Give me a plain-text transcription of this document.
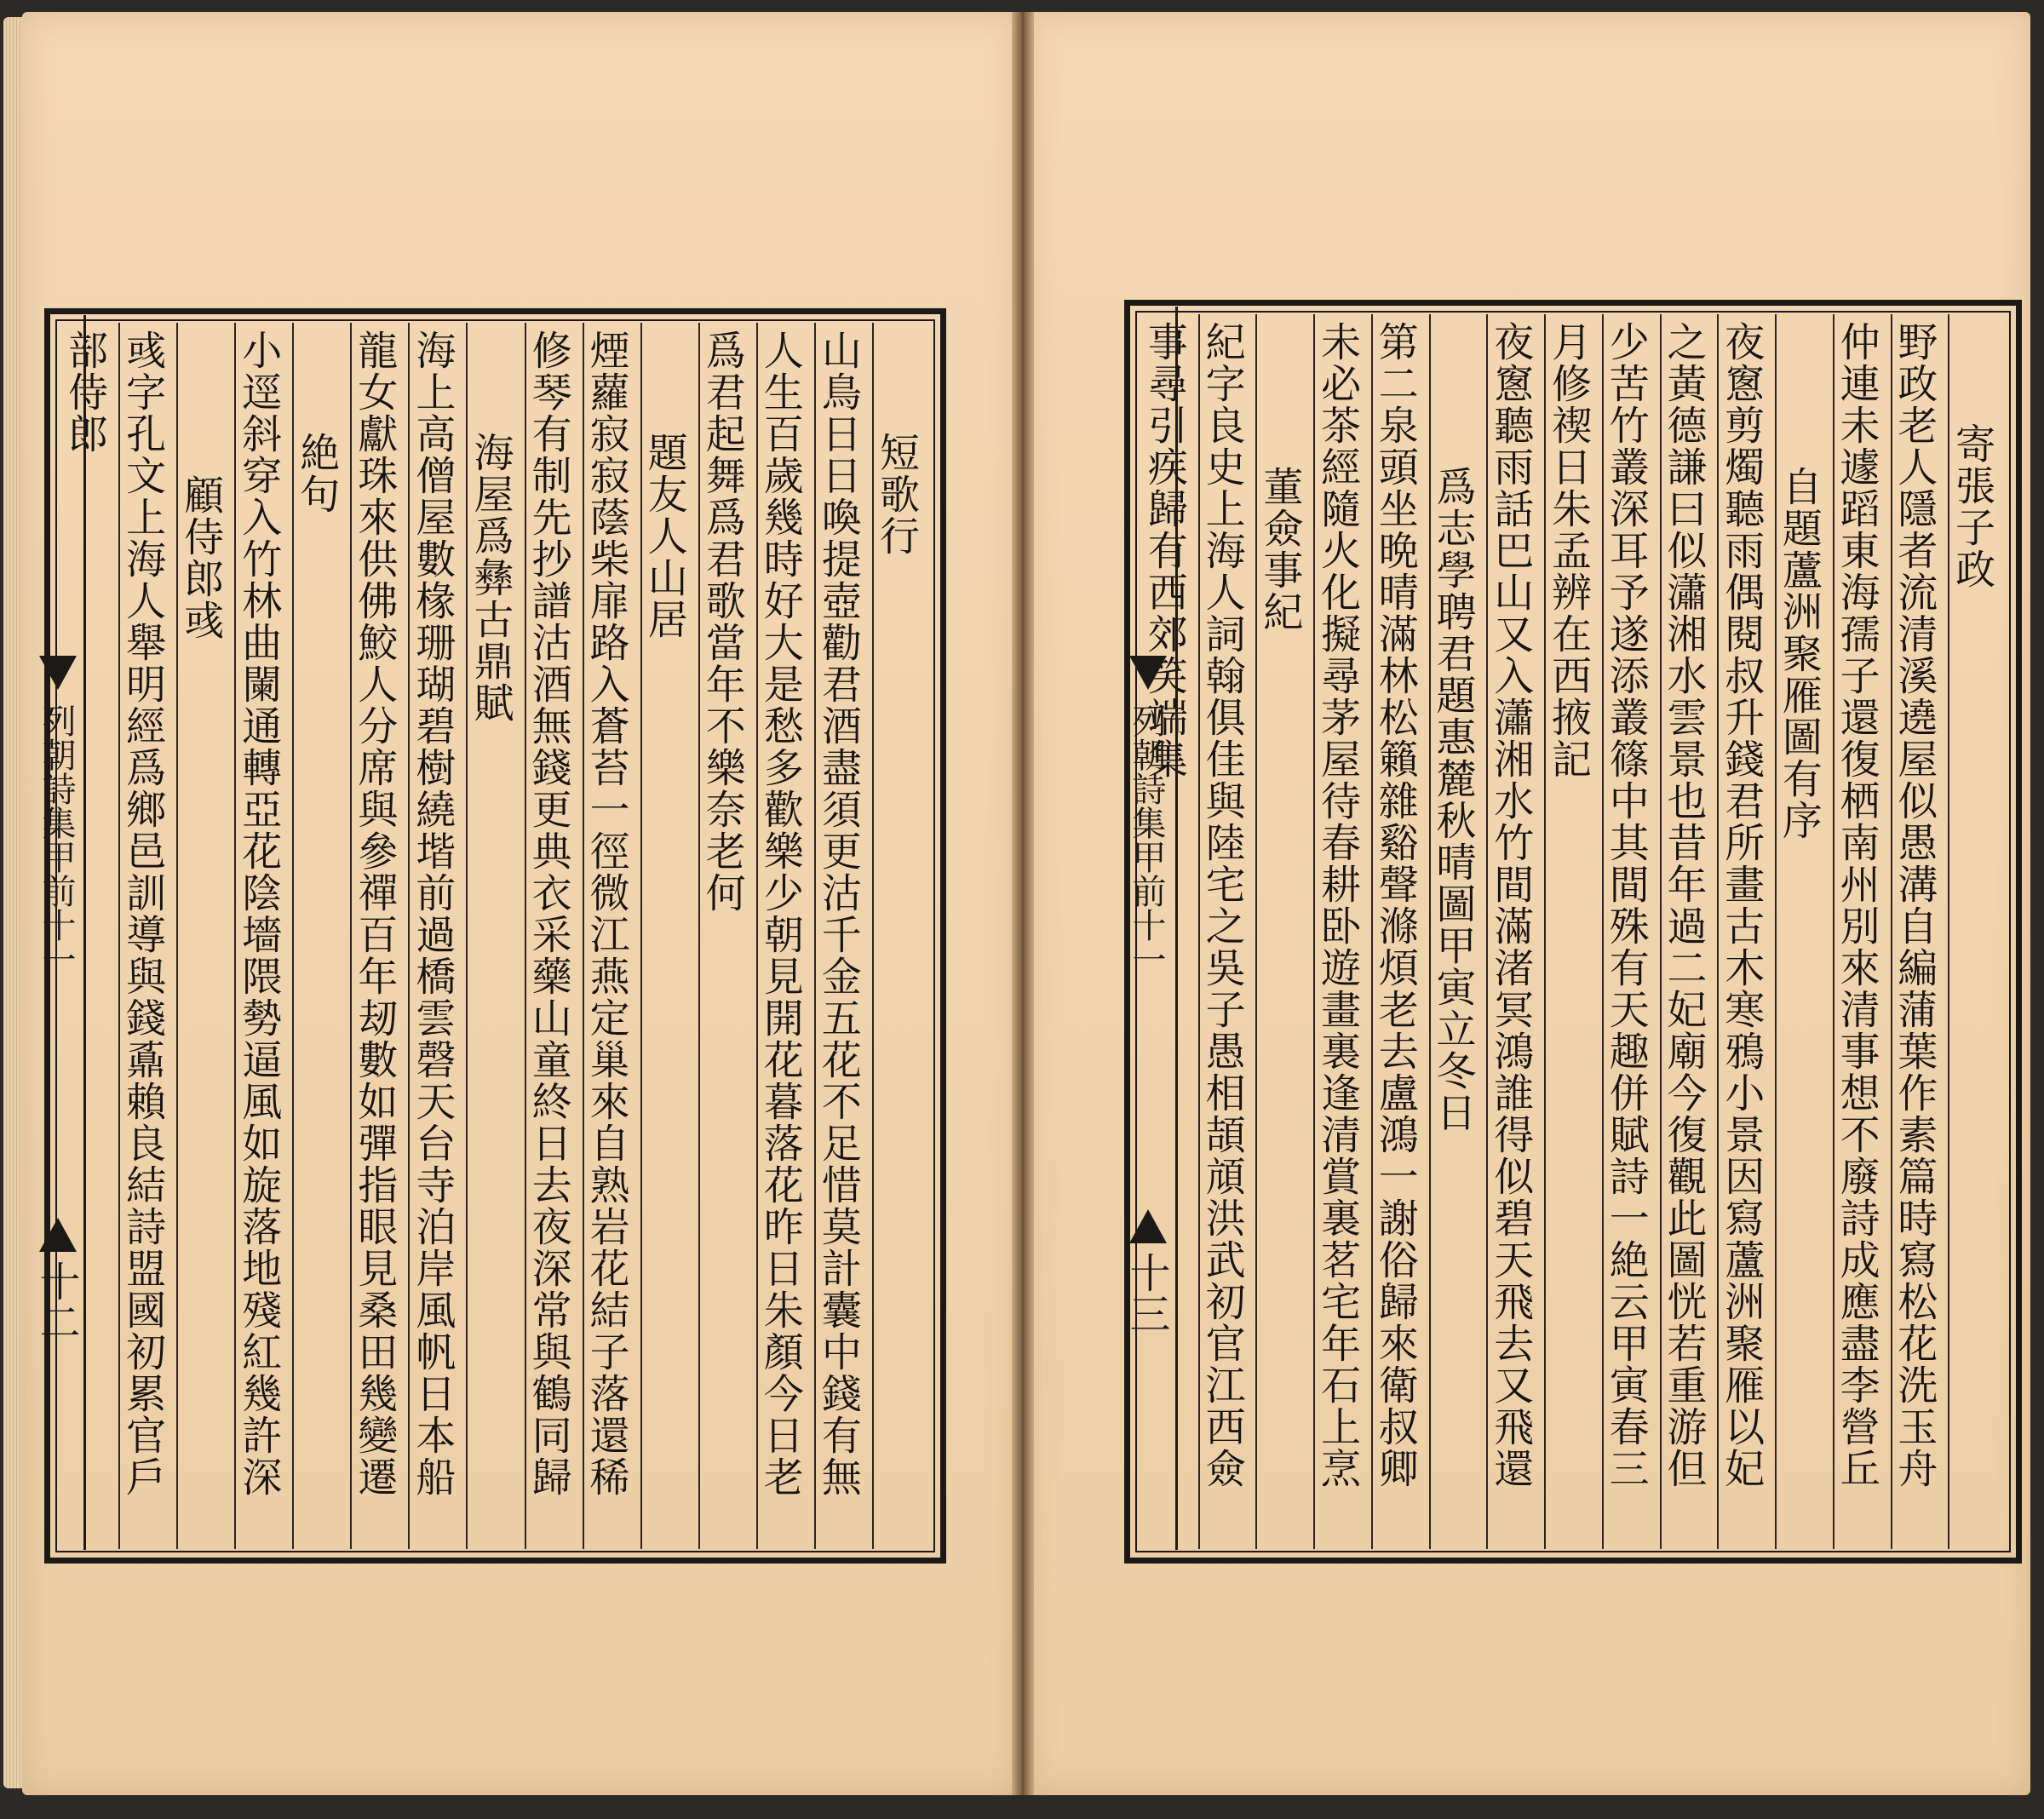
短歌行
山鳥日日喚提壺勸君酒盡須更沽千金五花不足惜莫計囊中錢有無
人生百歲幾時好大是愁多歡樂少朝見開花暮落花昨日朱顏今日老
爲君起舞爲君歌當年不樂奈老何
題友人山居
煙蘿寂寂蔭柴扉路入蒼苔一徑微江燕定巢來自熟岩花結子落還稀
修琴有制先抄譜沽酒無錢更典衣采藥山童終日去夜深常與鶴同歸
海屋爲彝古鼎賦
海上高僧屋數椽珊瑚碧樹繞堦前過橋雲磬天台寺泊岸風帆日本船
龍女獻珠來供佛鮫人分席與參禪百年刼數如彈指眼見桑田幾變遷
絶句
小逕斜穿入竹林曲闌通轉亞花陰墻隈勢逼風如旋落地殘紅幾許深
顧侍郎彧
彧字孔文上海人舉明經爲鄉邑訓導與錢鼒賴良結詩盟國初累官戶
部侍郎
列朝詩集甲前十一
十二
寄張子政
野政老人隱者流清溪遶屋似愚溝自編蒲葉作素篇時寫松花洗玉舟
仲連未遽蹈東海孺子還復栖南州別來清事想不廢詩成應盡李營丘
自題蘆洲聚雁圖有序
夜窻剪燭聽雨偶閱叔升錢君所畫古木寒鴉小景因寫蘆洲聚雁以妃
之黃德謙曰似瀟湘水雲景也昔年過二妃廟今復觀此圖恍若重游但
少苦竹叢深耳予遂添叢篠中其間殊有天趣併賦詩一絶云甲寅春三
月修禊日朱孟辨在西掖記
夜窻聽雨話巴山又入瀟湘水竹間滿渚冥鴻誰得似碧天飛去又飛還
爲志學聘君題惠麓秋晴圖甲寅立冬日
第二泉頭坐晩晴滿林松籟雜谿聲滌煩老去盧鴻一謝俗歸來衛叔卿
未必茶經隨火化擬尋茅屋待春耕卧遊畫裏逢清賞裏茗宅年石上烹
董僉事紀
紀字良史上海人詞翰俱佳與陸宅之吳子愚相頡頏洪武初官江西僉
事尋引疾歸有西郊笑端集
列朝詩集甲前十一
十三
